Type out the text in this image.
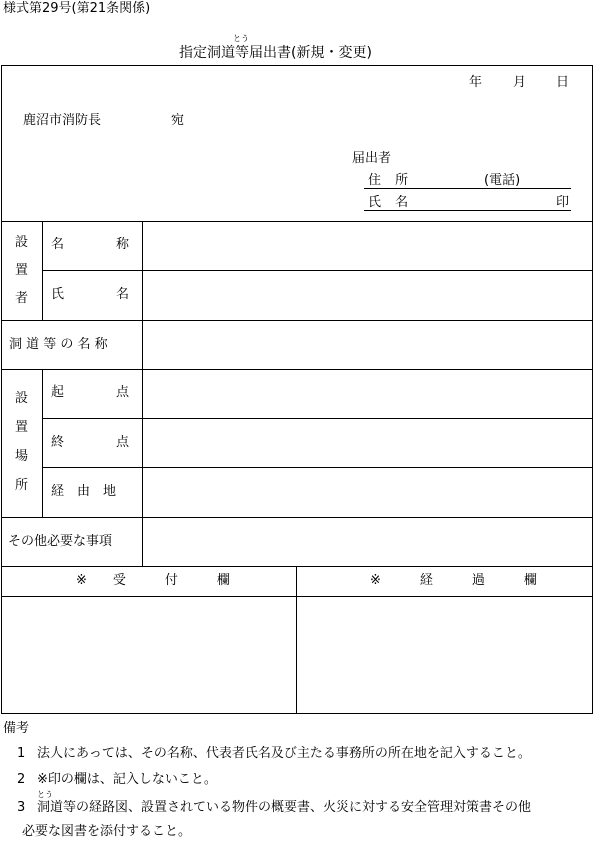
様式第29号(第21条関係)
とう
指定洞道等届出書(新規・変更)
年 月 日
鹿沼市消防長	宛
届出者
住 所	(電話)
氏 名	印
設
置
者
名　　　　称
氏　　　　名
洞 道 等 の 名 称
設
置
場
所
起　　　　点
終　　　　点
経　由　地
その他必要な事項
※　　受　　　付　　　欄	※　　　経　　　過　　　欄
備考
1 法人にあっては、その名称、代表者氏名及び主たる事務所の所在地を記入すること。
2 ※印の欄は、記入しないこと。
とう
3 洞道等の経路図、設置されている物件の概要書、火災に対する安全管理対策書その他
必要な図書を添付すること。
